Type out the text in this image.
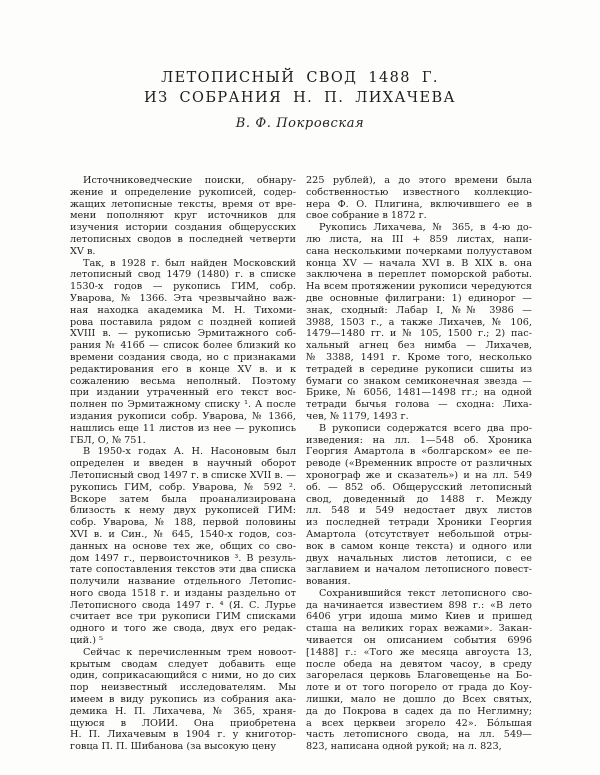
ЛЕТОПИСНЫЙ СВОД 1488 Г.
ИЗ СОБРАНИЯ Н. П. ЛИХАЧЕВА
В. Ф. Покровская
Источниковедческие поиски, обнару-
жение и определение рукописей, содер-
жащих летописные тексты, время от вре-
мени пополняют круг источников для
изучения истории создания общерусских
летописных сводов в последней четверти
XV в.
Так, в 1928 г. был найден Московский
летописный свод 1479 (1480) г. в списке
1530-х годов — рукопись ГИМ, собр.
Уварова, № 1366. Эта чрезвычайно важ-
ная находка академика М. Н. Тихоми-
рова поставила рядом с поздней копией
XVIII в. — рукописью Эрмитажного соб-
рания № 416б — список более близкий ко
времени создания свода, но с признаками
редактирования его в конце XV в. и к
сожалению весьма неполный. Поэтому
при издании утраченный его текст вос-
полнен по Эрмитажному списку ¹. А после
издания рукописи собр. Уварова, № 1366,
нашлись еще 11 листов из нее — рукопись
ГБЛ, О, № 751.
В 1950-х годах А. Н. Насоновым был
определен и введен в научный оборот
Летописный свод 1497 г. в списке XVII в. —
рукопись ГИМ, собр. Уварова, № 592 ².
Вскоре затем была проанализирована
близость к нему двух рукописей ГИМ:
собр. Уварова, № 188, первой половины
XVI в. и Син., № 645, 1540-х годов, соз-
данных на основе тех же, общих со сво-
дом 1497 г., первоисточников ³. В резуль-
тате сопоставления текстов эти два списка
получили название отдельного Летопис-
ного свода 1518 г. и изданы раздельно от
Летописного свода 1497 г. ⁴ (Я. С. Лурье
считает все три рукописи ГИМ списками
одного и того же свода, двух его редак-
ций.) ⁵
Сейчас к перечисленным трем новоот-
крытым сводам следует добавить еще
один, соприкасающийся с ними, но до сих
пор неизвестный исследователям. Мы
имеем в виду рукопись из собрания ака-
демика Н. П. Лихачева, № 365, храня-
щуюся в ЛОИИ. Она приобретена
Н. П. Лихачевым в 1904 г. у книготор-
говца П. П. Шибанова (за высокую цену
225 рублей), а до этого времени была
собственностью известного коллекцио-
нера Ф. О. Плигина, включившего ее в
свое собрание в 1872 г.
Рукопись Лихачева, № 365, в 4-ю до-
лю листа, на III + 859 листах, напи-
сана несколькими почерками полууставом
конца XV — начала XVI в. В XIX в. она
заключена в переплет поморской работы.
На всем протяжении рукописи чередуются
две основные филиграни: 1) единорог —
знак, сходный: Лабар I, №№ 3986 —
3988, 1503 г., а также Лихачев, № 106,
1479—1480 гг. и № 105, 1500 г.; 2) пас-
хальный агнец без нимба — Лихачев,
№ 3388, 1491 г. Кроме того, несколько
тетрадей в середине рукописи сшиты из
бумаги со знаком семиконечная звезда —
Брике, № 6056, 1481—1498 гг.; на одной
тетради бычья голова — сходна: Лиха-
чев, № 1179, 1493 г.
В рукописи содержатся всего два про-
изведения: на лл. 1—548 об. Хроника
Георгия Амартола в «болгарском» ее пе-
реводе («Временник впросте от различных
хронограф же и сказатель») и на лл. 549
об. — 852 об. Общерусский летописный
свод, доведенный до 1488 г. Между
лл. 548 и 549 недостает двух листов
из последней тетради Хроники Георгия
Амартола (отсутствует небольшой отры-
вок в самом конце текста) и одного или
двух начальных листов летописи, с ее
заглавием и началом летописного повест-
вования.
Сохранившийся текст летописного сво-
да начинается известием 898 г.: «В лето
6406 угри идоша мимо Киев и пришед
сташа на великих горах вежами». Закан-
чивается он описанием события 6996
[1488] г.: «Того же месяца авгоуста 13,
после обеда на девятом часоу, в среду
загорелася церковь Благовещенье на Бо-
лоте и от того погорело от града до Коу-
лишки, мало не дошло до Всех святых,
да до Покрова в садех да по Неглимну;
а всех церквеи згорело 42». Бо́льшая
часть летописного свода, на лл. 549—
823, написана одной рукой; на л. 823,
